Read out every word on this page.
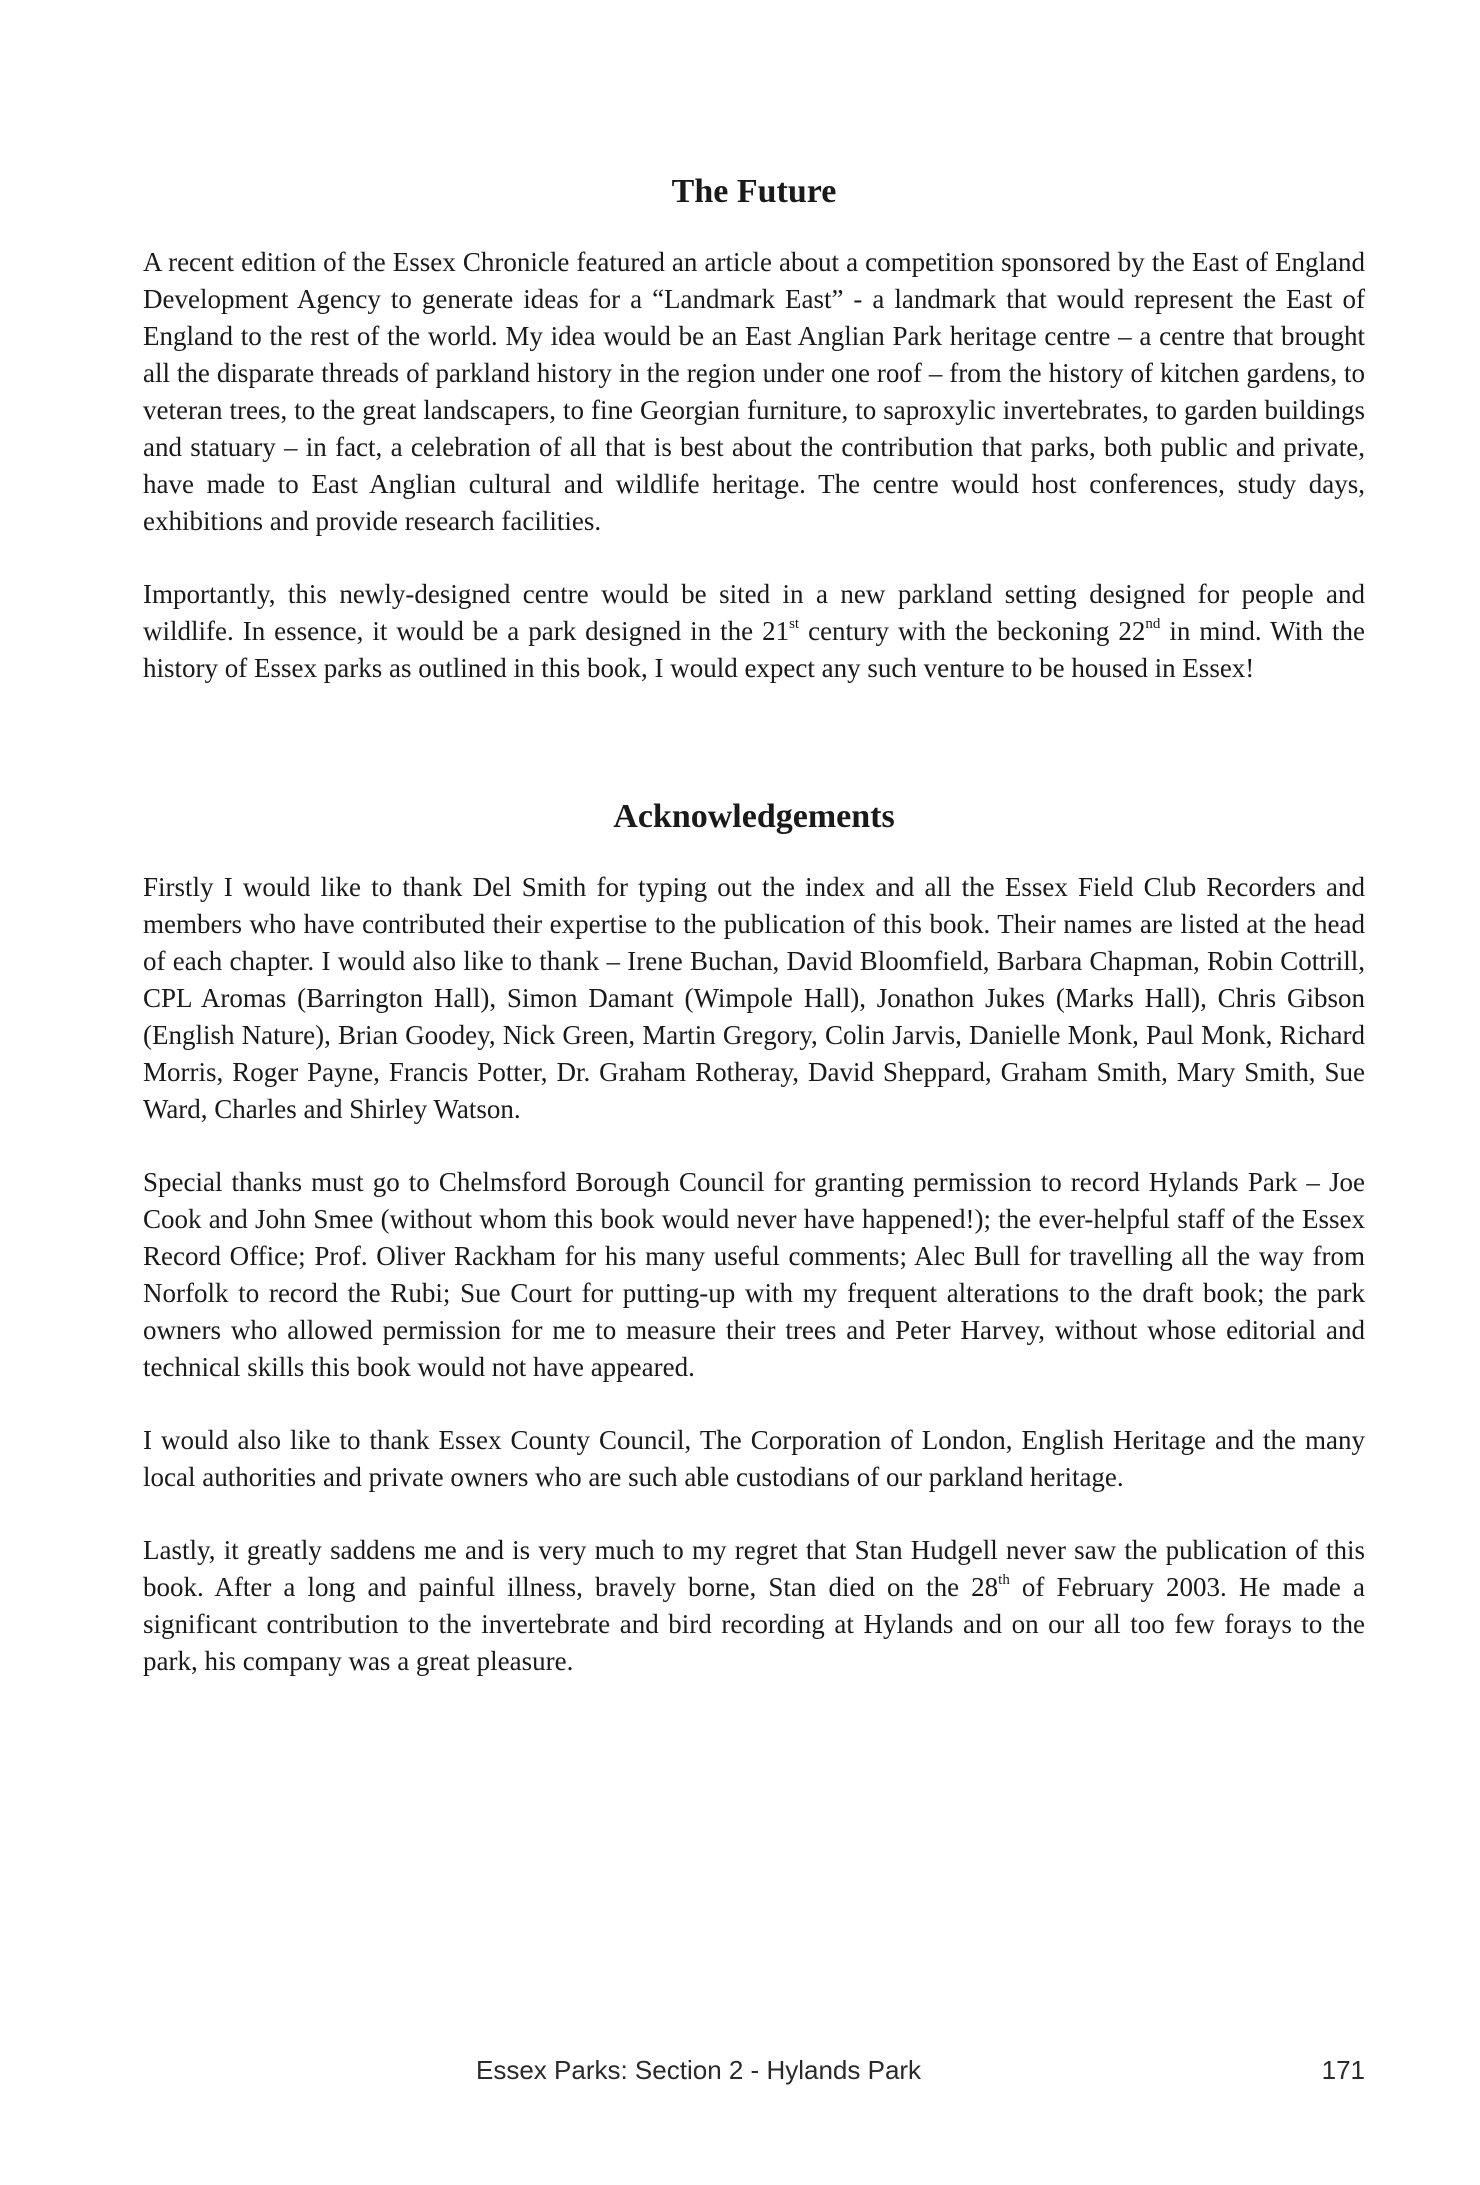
The Future

A recent edition of the Essex Chronicle featured an article about a competition sponsored by the East of England Development Agency to generate ideas for a “Landmark East” - a landmark that would represent the East of England to the rest of the world. My idea would be an East Anglian Park heritage centre – a centre that brought all the disparate threads of parkland history in the region under one roof – from the history of kitchen gardens, to veteran trees, to the great landscapers, to fine Georgian furniture, to saproxylic invertebrates, to garden buildings and statuary – in fact, a celebration of all that is best about the contribution that parks, both public and private, have made to East Anglian cultural and wildlife heritage. The centre would host conferences, study days, exhibitions and provide research facilities.

Importantly, this newly-designed centre would be sited in a new parkland setting designed for people and wildlife. In essence, it would be a park designed in the 21st century with the beckoning 22nd in mind. With the history of Essex parks as outlined in this book, I would expect any such venture to be housed in Essex!

Acknowledgements

Firstly I would like to thank Del Smith for typing out the index and all the Essex Field Club Recorders and members who have contributed their expertise to the publication of this book. Their names are listed at the head of each chapter. I would also like to thank – Irene Buchan, David Bloomfield, Barbara Chapman, Robin Cottrill, CPL Aromas (Barrington Hall), Simon Damant (Wimpole Hall), Jonathon Jukes (Marks Hall), Chris Gibson (English Nature), Brian Goodey, Nick Green, Martin Gregory, Colin Jarvis, Danielle Monk, Paul Monk, Richard Morris, Roger Payne, Francis Potter, Dr. Graham Rotheray, David Sheppard, Graham Smith, Mary Smith, Sue Ward, Charles and Shirley Watson.

Special thanks must go to Chelmsford Borough Council for granting permission to record Hylands Park – Joe Cook and John Smee (without whom this book would never have happened!); the ever-helpful staff of the Essex Record Office; Prof. Oliver Rackham for his many useful comments; Alec Bull for travelling all the way from Norfolk to record the Rubi; Sue Court for putting-up with my frequent alterations to the draft book; the park owners who allowed permission for me to measure their trees and Peter Harvey, without whose editorial and technical skills this book would not have appeared.

I would also like to thank Essex County Council, The Corporation of London, English Heritage and the many local authorities and private owners who are such able custodians of our parkland heritage.

Lastly, it greatly saddens me and is very much to my regret that Stan Hudgell never saw the publication of this book. After a long and painful illness, bravely borne, Stan died on the 28th of February 2003. He made a significant contribution to the invertebrate and bird recording at Hylands and on our all too few forays to the park, his company was a great pleasure.

Essex Parks: Section 2 - Hylands Park	171
